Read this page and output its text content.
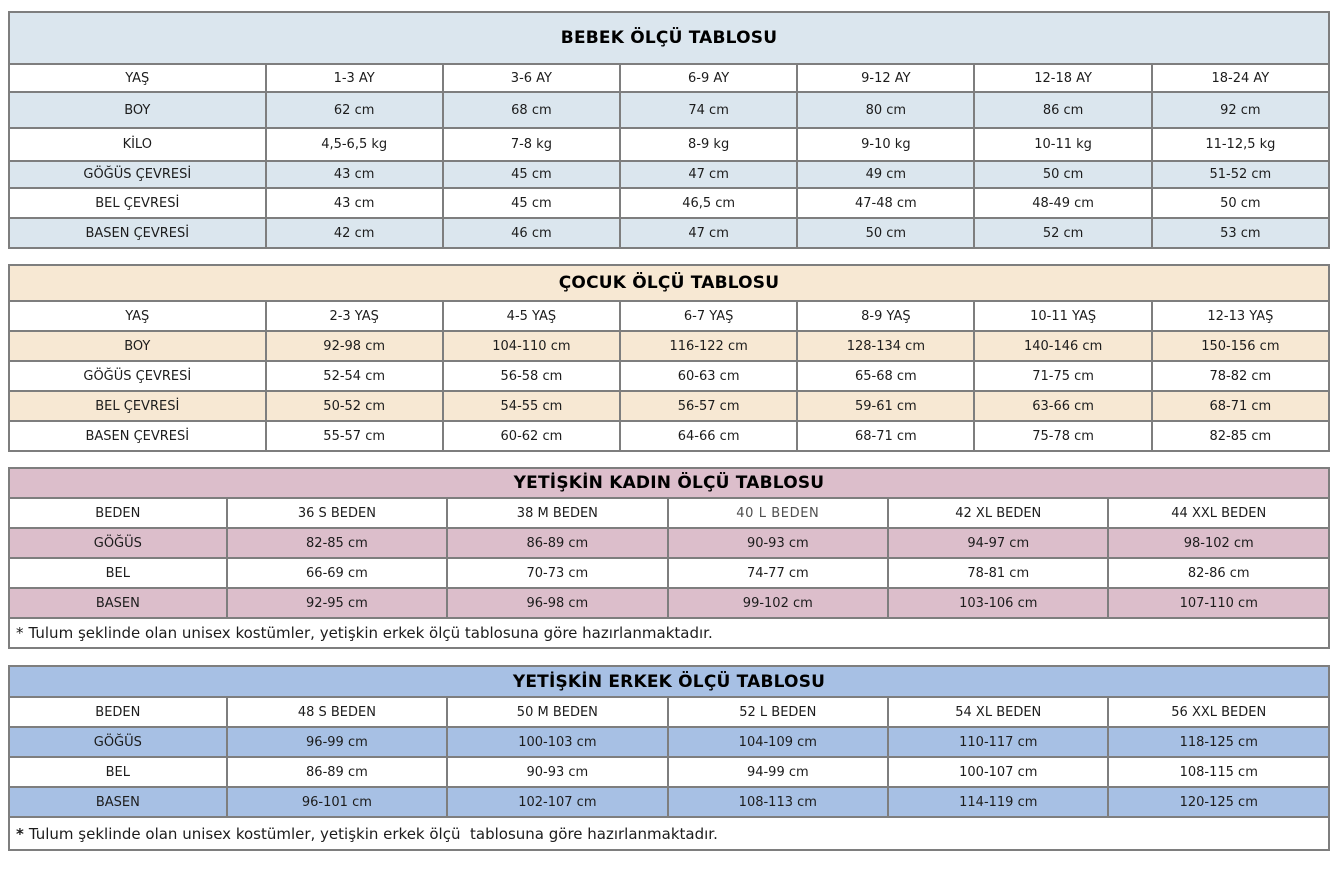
BEBEK ÖLÇÜ TABLOSU						
YAŞ	1-3 AY	3-6 AY	6-9 AY	9-12 AY	12-18 AY	18-24 AY
BOY	62 cm	68 cm	74 cm	80 cm	86 cm	92 cm
KİLO	4,5-6,5 kg	7-8 kg	8-9 kg	9-10 kg	10-11 kg	11-12,5 kg
GÖĞÜS ÇEVRESİ	43 cm	45 cm	47 cm	49 cm	50 cm	51-52 cm
BEL ÇEVRESİ	43 cm	45 cm	46,5 cm	47-48 cm	48-49 cm	50 cm
BASEN ÇEVRESİ	42 cm	46 cm	47 cm	50 cm	52 cm	53 cm
ÇOCUK ÖLÇÜ TABLOSU						
YAŞ	2-3 YAŞ	4-5 YAŞ	6-7 YAŞ	8-9 YAŞ	10-11 YAŞ	12-13 YAŞ
BOY	92-98 cm	104-110 cm	116-122 cm	128-134 cm	140-146 cm	150-156 cm
GÖĞÜS ÇEVRESİ	52-54 cm	56-58 cm	60-63 cm	65-68 cm	71-75 cm	78-82 cm
BEL ÇEVRESİ	50-52 cm	54-55 cm	56-57 cm	59-61 cm	63-66 cm	68-71 cm
BASEN ÇEVRESİ	55-57 cm	60-62 cm	64-66 cm	68-71 cm	75-78 cm	82-85 cm
YETİŞKİN KADIN ÖLÇÜ TABLOSU					
BEDEN	36 S BEDEN	38 M BEDEN	40 L BEDEN	42 XL BEDEN	44 XXL BEDEN
GÖĞÜS	82-85 cm	86-89 cm	90-93 cm	94-97 cm	98-102 cm
BEL	66-69 cm	70-73 cm	74-77 cm	78-81 cm	82-86 cm
BASEN	92-95 cm	96-98 cm	99-102 cm	103-106 cm	107-110 cm
* Tulum şeklinde olan unisex kostümler, yetişkin erkek ölçü tablosuna göre hazırlanmaktadır.					
YETİŞKİN ERKEK ÖLÇÜ TABLOSU					
BEDEN	48 S BEDEN	50 M BEDEN	52 L BEDEN	54 XL BEDEN	56 XXL BEDEN
GÖĞÜS	96-99 cm	100-103 cm	104-109 cm	110-117 cm	118-125 cm
BEL	86-89 cm	90-93 cm	94-99 cm	100-107 cm	108-115 cm
BASEN	96-101 cm	102-107 cm	108-113 cm	114-119 cm	120-125 cm
* Tulum şeklinde olan unisex kostümler, yetişkin erkek ölçü  tablosuna göre hazırlanmaktadır.					
